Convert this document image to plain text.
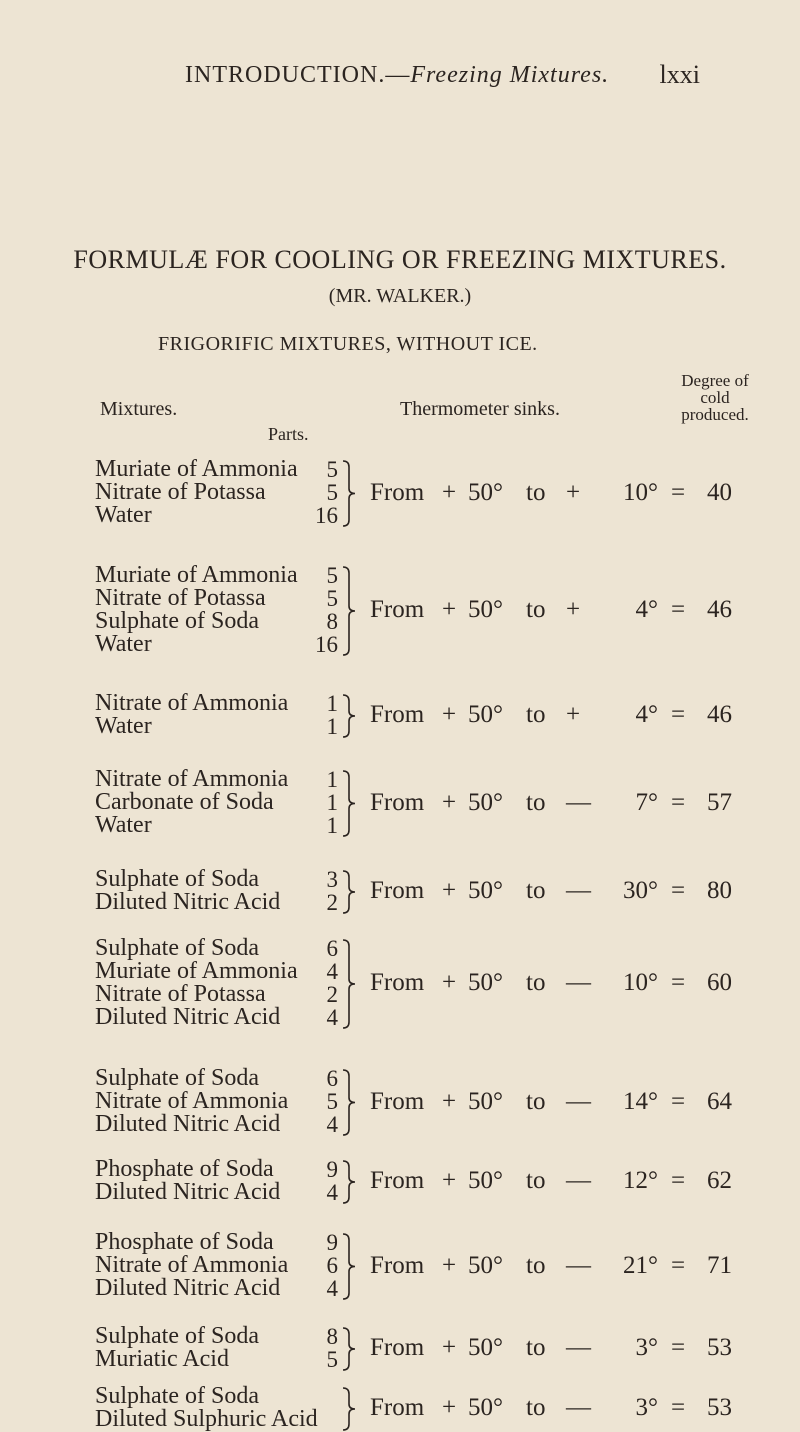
INTRODUCTION.—Freezing Mixtures. lxxi
FORMULÆ FOR COOLING OR FREEZING MIXTURES.
(MR. WALKER.)
FRIGORIFIC MIXTURES, WITHOUT ICE.
Mixtures.
Parts.
Thermometer sinks.
Degree of
cold
produced.
Muriate of Ammonia
Nitrate of Potassa
Water
5
5
16
From + 50° to + 10° = 40
Muriate of Ammonia
Nitrate of Potassa
Sulphate of Soda
Water
5
5
8
16
From + 50° to + 4° = 46
Nitrate of Ammonia
Water
1
1 From + 50° to + 4° = 46
Nitrate of Ammonia
Carbonate of Soda
Water
1
1
1
From + 50° to — 7° = 57
Sulphate of Soda
Diluted Nitric Acid
3
2 From + 50° to — 30° = 80
Sulphate of Soda
Muriate of Ammonia
Nitrate of Potassa
Diluted Nitric Acid
6
4
2
4
From + 50° to — 10° = 60
Sulphate of Soda
Nitrate of Ammonia
Diluted Nitric Acid
6
5
4
From + 50° to — 14° = 64
Phosphate of Soda
Diluted Nitric Acid
9
4 From + 50° to — 12° = 62
Phosphate of Soda
Nitrate of Ammonia
Diluted Nitric Acid
9
6
4
From + 50° to — 21° = 71
Sulphate of Soda
Muriatic Acid
8
5 From + 50° to — 3° = 53
Sulphate of Soda
Diluted Sulphuric Acid From + 50° to — 3° = 53
